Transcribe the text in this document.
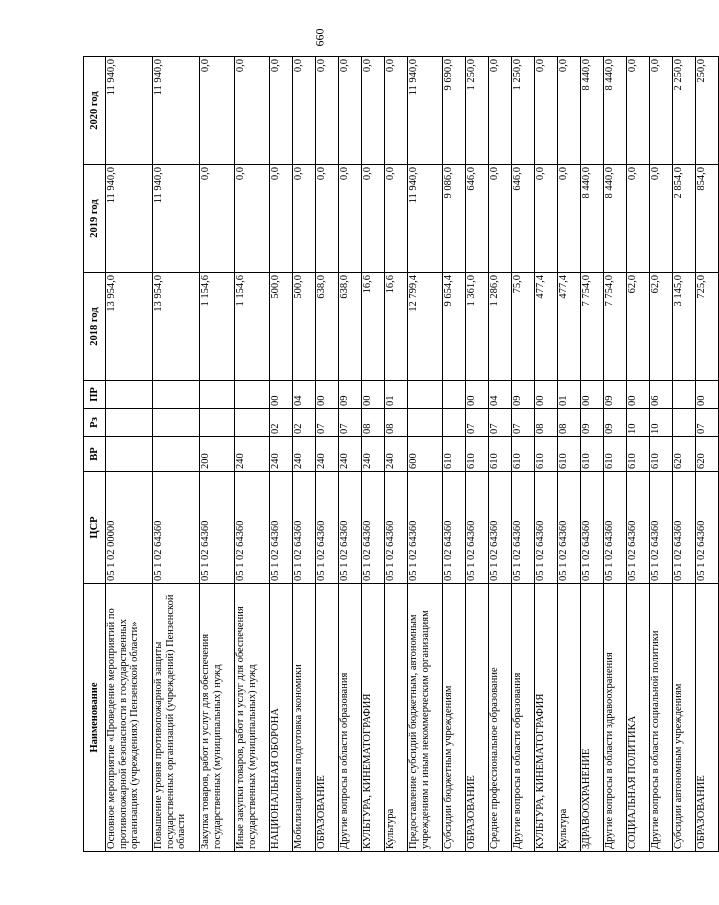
660
Наименование	ЦСР	ВР	Рз	ПР	2018 год	2019 год	2020 год
Основное мероприятие «Проведение мероприятий по противопожарной безопасности в государственных организациях (учреждениях) Пензенской области»	05 1 02 00000				13 954,0	11 940,0	11 940,0
Повышение уровня противопожарной защиты государственных организаций (учреждений) Пензенской области	05 1 02 64360				13 954,0	11 940,0	11 940,0
Закупка товаров, работ и услуг для обеспечения государственных (муниципальных) нужд	05 1 02 64360	200			1 154,6	0,0	0,0
Иные закупки товаров, работ и услуг для обеспечения государственных (муниципальных) нужд	05 1 02 64360	240			1 154,6	0,0	0,0
НАЦИОНАЛЬНАЯ ОБОРОНА	05 1 02 64360	240	02	00	500,0	0,0	0,0
Мобилизационная подготовка экономики	05 1 02 64360	240	02	04	500,0	0,0	0,0
ОБРАЗОВАНИЕ	05 1 02 64360	240	07	00	638,0	0,0	0,0
Другие вопросы в области образования	05 1 02 64360	240	07	09	638,0	0,0	0,0
КУЛЬТУРА, КИНЕМАТОГРАФИЯ	05 1 02 64360	240	08	00	16,6	0,0	0,0
Культура	05 1 02 64360	240	08	01	16,6	0,0	0,0
Предоставление субсидий бюджетным, автономным учреждениям и иным некоммерческим организациям	05 1 02 64360	600			12 799,4	11 940,0	11 940,0
Субсидии бюджетным учреждениям	05 1 02 64360	610			9 654,4	9 086,0	9 690,0
ОБРАЗОВАНИЕ	05 1 02 64360	610	07	00	1 361,0	646,0	1 250,0
Среднее профессиональное образование	05 1 02 64360	610	07	04	1 286,0	0,0	0,0
Другие вопросы в области образования	05 1 02 64360	610	07	09	75,0	646,0	1 250,0
КУЛЬТУРА, КИНЕМАТОГРАФИЯ	05 1 02 64360	610	08	00	477,4	0,0	0,0
Культура	05 1 02 64360	610	08	01	477,4	0,0	0,0
ЗДРАВООХРАНЕНИЕ	05 1 02 64360	610	09	00	7 754,0	8 440,0	8 440,0
Другие вопросы в области здравоохранения	05 1 02 64360	610	09	09	7 754,0	8 440,0	8 440,0
СОЦИАЛЬНАЯ ПОЛИТИКА	05 1 02 64360	610	10	00	62,0	0,0	0,0
Другие вопросы в области социальной политики	05 1 02 64360	610	10	06	62,0	0,0	0,0
Субсидии автономным учреждениям	05 1 02 64360	620			3 145,0	2 854,0	2 250,0
ОБРАЗОВАНИЕ	05 1 02 64360	620	07	00	725,0	854,0	250,0
